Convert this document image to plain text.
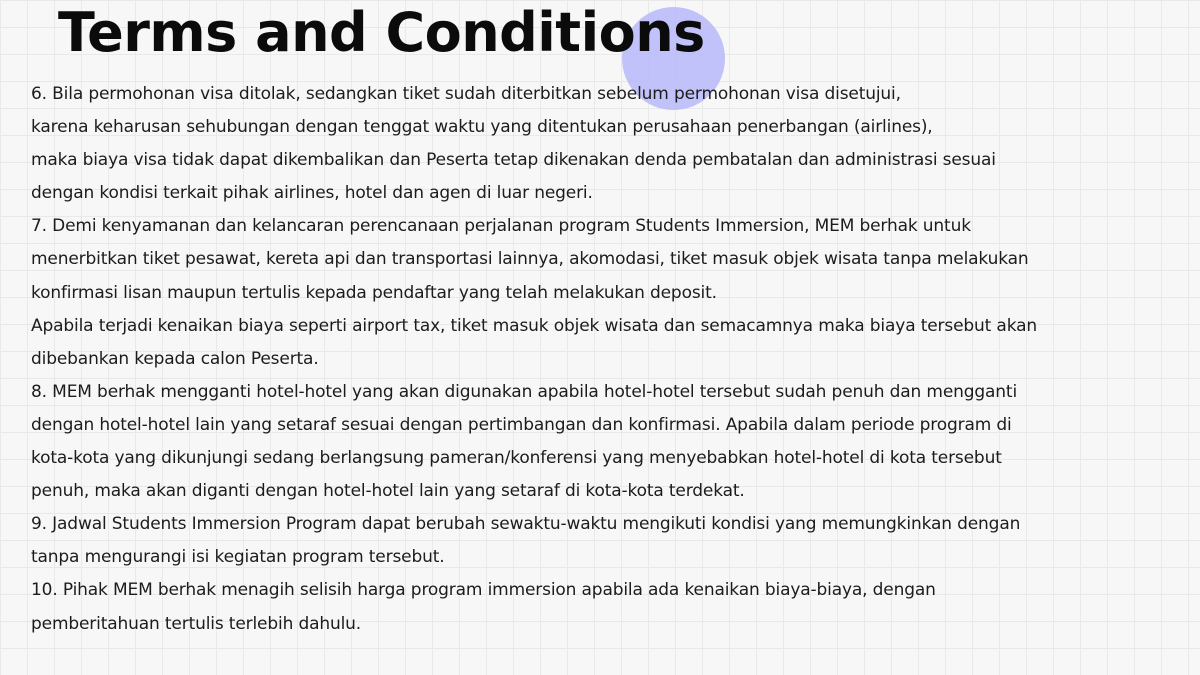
Terms and Conditions
6. Bila permohonan visa ditolak, sedangkan tiket sudah diterbitkan sebelum permohonan visa disetujui,
karena keharusan sehubungan dengan tenggat waktu yang ditentukan perusahaan penerbangan (airlines),
maka biaya visa tidak dapat dikembalikan dan Peserta tetap dikenakan denda pembatalan dan administrasi sesuai
dengan kondisi terkait pihak airlines, hotel dan agen di luar negeri.
7. Demi kenyamanan dan kelancaran perencanaan perjalanan program Students Immersion, MEM berhak untuk
menerbitkan tiket pesawat, kereta api dan transportasi lainnya, akomodasi, tiket masuk objek wisata tanpa melakukan
konfirmasi lisan maupun tertulis kepada pendaftar yang telah melakukan deposit.
Apabila terjadi kenaikan biaya seperti airport tax, tiket masuk objek wisata dan semacamnya maka biaya tersebut akan
dibebankan kepada calon Peserta.
8. MEM berhak mengganti hotel-hotel yang akan digunakan apabila hotel-hotel tersebut sudah penuh dan mengganti
dengan hotel-hotel lain yang setaraf sesuai dengan pertimbangan dan konfirmasi. Apabila dalam periode program di
kota-kota yang dikunjungi sedang berlangsung pameran/konferensi yang menyebabkan hotel-hotel di kota tersebut
penuh, maka akan diganti dengan hotel-hotel lain yang setaraf di kota-kota terdekat.
9. Jadwal Students Immersion Program dapat berubah sewaktu-waktu mengikuti kondisi yang memungkinkan dengan
tanpa mengurangi isi kegiatan program tersebut.
10. Pihak MEM berhak menagih selisih harga program immersion apabila ada kenaikan biaya-biaya, dengan
pemberitahuan tertulis terlebih dahulu.
